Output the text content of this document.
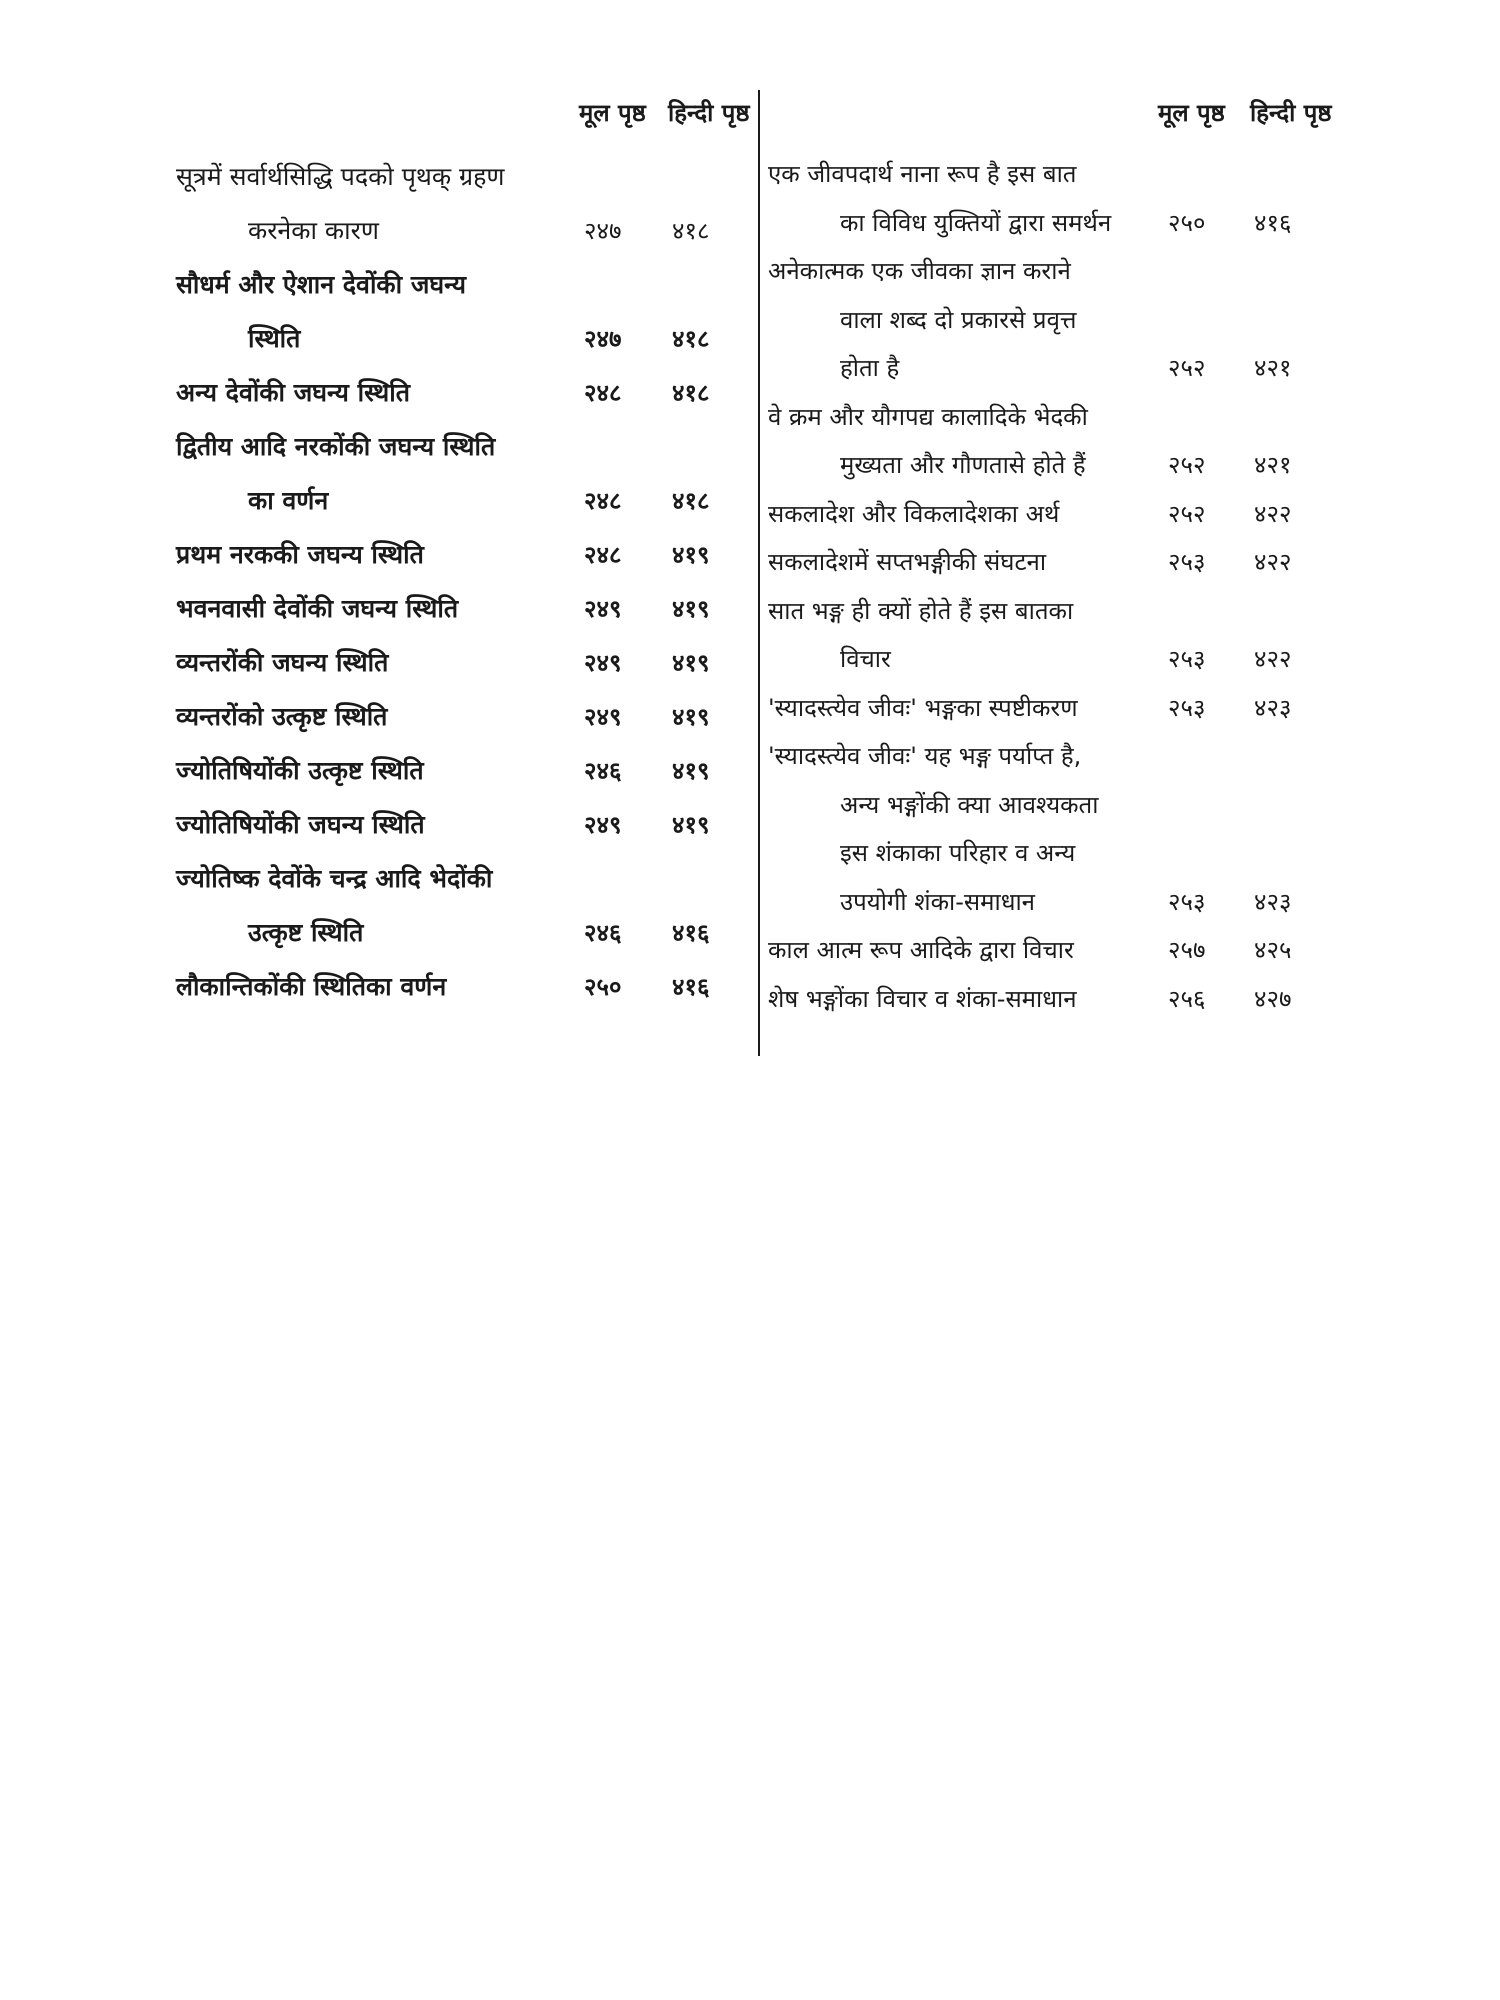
मूल पृष्ठ हिन्दी पृष्ठ
सूत्रमें सर्वार्थसिद्धि पदको पृथक् ग्रहण
करनेका कारण	२४७ ४१८
सौधर्म और ऐशान देवोंकी जघन्य
स्थिति	२४७ ४१८
अन्य देवोंकी जघन्य स्थिति	२४८ ४१८
द्वितीय आदि नरकोंकी जघन्य स्थिति
का वर्णन	२४८ ४१८
प्रथम नरककी जघन्य स्थिति	२४८ ४१९
भवनवासी देवोंकी जघन्य स्थिति	२४९ ४१९
व्यन्तरोंकी जघन्य स्थिति	२४९ ४१९
व्यन्तरोंको उत्कृष्ट स्थिति	२४९ ४१९
ज्योतिषियोंकी उत्कृष्ट स्थिति	२४६ ४१९
ज्योतिषियोंकी जघन्य स्थिति	२४९ ४१९
ज्योतिष्क देवोंके चन्द्र आदि भेदोंकी
उत्कृष्ट स्थिति	२४६ ४१६
लौकान्तिकोंकी स्थितिका वर्णन	२५० ४१६
मूल पृष्ठ हिन्दी पृष्ठ
एक जीवपदार्थ नाना रूप है इस बात
का विविध युक्तियों द्वारा समर्थन	२५० ४१६
अनेकात्मक एक जीवका ज्ञान कराने
वाला शब्द दो प्रकारसे प्रवृत्त
होता है	२५२ ४२१
वे क्रम और यौगपद्य कालादिके भेदकी
मुख्यता और गौणतासे होते हैं	२५२ ४२१
सकलादेश और विकलादेशका अर्थ	२५२ ४२२
सकलादेशमें सप्तभङ्गीकी संघटना	२५३ ४२२
सात भङ्ग ही क्यों होते हैं इस बातका
विचार	२५३ ४२२
'स्यादस्त्येव जीवः' भङ्गका स्पष्टीकरण	२५३ ४२३
'स्यादस्त्येव जीवः' यह भङ्ग पर्याप्त है,
अन्य भङ्गोंकी क्या आवश्यकता
इस शंकाका परिहार व अन्य
उपयोगी शंका-समाधान	२५३ ४२३
काल आत्म रूप आदिके द्वारा विचार	२५७ ४२५
शेष भङ्गोंका विचार व शंका-समाधान	२५६ ४२७
